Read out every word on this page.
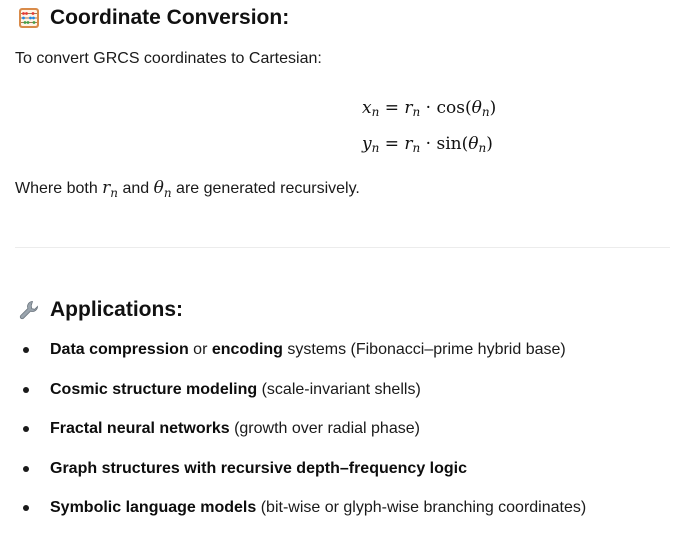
Coordinate Conversion:
To convert GRCS coordinates to Cartesian:
$x_n = r_n \cdot \cos(\theta_n)$
$y_n = r_n \cdot \sin(\theta_n)$
Where both $r_n$ and $\theta_n$ are generated recursively.
Applications:
Data compression or encoding systems (Fibonacci–prime hybrid base)
Cosmic structure modeling (scale-invariant shells)
Fractal neural networks (growth over radial phase)
Graph structures with recursive depth–frequency logic
Symbolic language models (bit-wise or glyph-wise branching coordinates)
